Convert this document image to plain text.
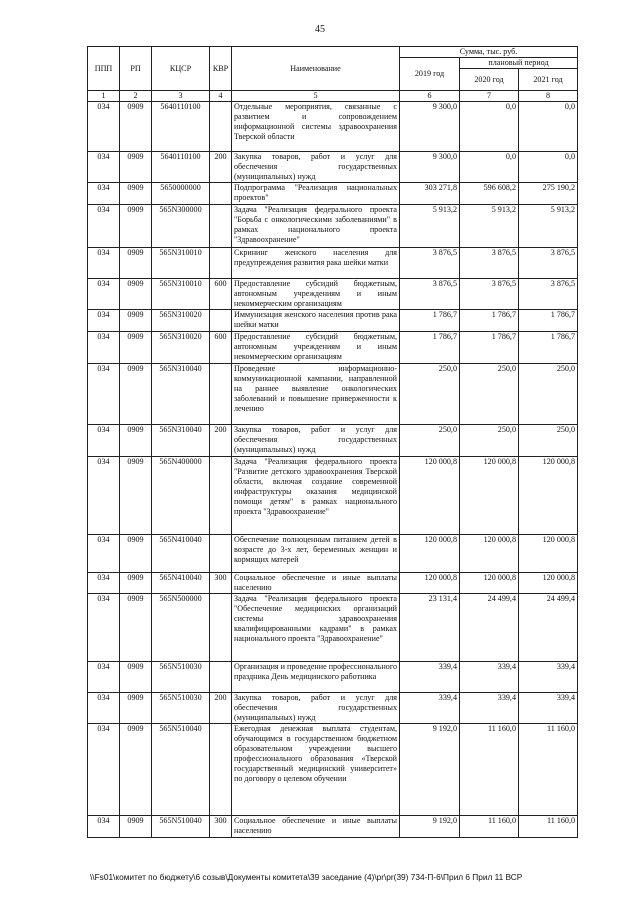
45
ППП	РП	КЦСР	КВР	Наименование	Сумма, тыс. руб.		
					2019 год	плановый период	
						2020 год	2021 год
1	2	3	4	5	6	7	8
034	0909	5640110100		Отдельные мероприятия, связанные с развитием и сопровождением информационной системы здравоохранения Тверской области	9 300,0	0,0	0,0
034	0909	5640110100	200	Закупка товаров, работ и услуг для обеспечения государственных (муниципальных) нужд	9 300,0	0,0	0,0
034	0909	5650000000		Подпрограмма "Реализация национальных проектов"	303 271,8	596 608,2	275 190,2
034	0909	565N300000		Задача "Реализация федерального проекта "Борьба с онкологическими заболеваниями" в рамках национального проекта "Здравоохранение"	5 913,2	5 913,2	5 913,2
034	0909	565N310010		Скрининг женского населения для предупреждения развития рака шейки матки	3 876,5	3 876,5	3 876,5
034	0909	565N310010	600	Предоставление субсидий бюджетным, автономным учреждениям и иным некоммерческим организациям	3 876,5	3 876,5	3 876,5
034	0909	565N310020		Иммунизация женского населения против рака шейки матки	1 786,7	1 786,7	1 786,7
034	0909	565N310020	600	Предоставление субсидий бюджетным, автономным учреждениям и иным некоммерческим организациям	1 786,7	1 786,7	1 786,7
034	0909	565N310040		Проведение информационно-коммуникационной кампании, направленной на раннее выявление онкологических заболеваний и повышение приверженности к лечению	250,0	250,0	250,0
034	0909	565N310040	200	Закупка товаров, работ и услуг для обеспечения государственных (муниципальных) нужд	250,0	250,0	250,0
034	0909	565N400000		Задача "Реализация федерального проекта "Развитие детского здравоохранения Тверской области, включая создание современной инфраструктуры оказания медицинской помощи детям" в рамках национального проекта "Здравоохранение"	120 000,8	120 000,8	120 000,8
034	0909	565N410040		Обеспечение полноценным питанием детей в возрасте до 3-х лет, беременных женщин и кормящих матерей	120 000,8	120 000,8	120 000,8
034	0909	565N410040	300	Социальное обеспечение и иные выплаты населению	120 000,8	120 000,8	120 000,8
034	0909	565N500000		Задача "Реализация федерального проекта "Обеспечение медицинских организаций системы здравоохранения квалифицированными кадрами" в рамках национального проекта "Здравоохранение"	23 131,4	24 499,4	24 499,4
034	0909	565N510030		Организация и проведение профессионального праздника День медицинского работника	339,4	339,4	339,4
034	0909	565N510030	200	Закупка товаров, работ и услуг для обеспечения государственных (муниципальных) нужд	339,4	339,4	339,4
034	0909	565N510040		Ежегодная денежная выплата студентам, обучающимся в государственном бюджетном образовательном учреждении высшего профессионального образования «Тверской государственный медицинский университет» по договору о целевом обучении	9 192,0	11 160,0	11 160,0
034	0909	565N510040	300	Социальное обеспечение и иные выплаты населению	9 192,0	11 160,0	11 160,0
\\Fs01\комитет по бюджету\6 созыв\Документы комитета\39 заседание (4)\pr\pr(39) 734-П-6\Прил 6 Прил 11 ВСР
